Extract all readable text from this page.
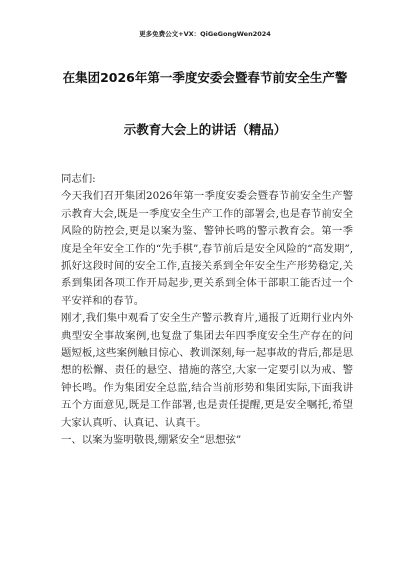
更多免费公文+VX：QiGeGongWen2024
在集团2026年第一季度安委会暨春节前安全生产警
示教育大会上的讲话（精品）

同志们:

今天我们召开集团2026年第一季度安委会暨春节前安全生产警示教育大会,既是一季度安全生产工作的部署会,也是春节前安全风险的防控会,更是以案为鉴、警钟长鸣的警示教育会。第一季度是全年安全工作的“先手棋”,春节前后是安全风险的“高发期”,抓好这段时间的安全工作,直接关系到全年安全生产形势稳定,关系到集团各项工作开局起步,更关系到全体干部职工能否过一个平安祥和的春节。

刚才,我们集中观看了安全生产警示教育片,通报了近期行业内外典型安全事故案例,也复盘了集团去年四季度安全生产存在的问题短板,这些案例触目惊心、教训深刻,每一起事故的背后,都是思想的松懈、责任的悬空、措施的落空,大家一定要引以为戒、警钟长鸣。作为集团安全总监,结合当前形势和集团实际,下面我讲五个方面意见,既是工作部署,也是责任提醒,更是安全嘱托,希望大家认真听、认真记、认真干。

一、以案为鉴明敬畏,绷紧安全“思想弦”
